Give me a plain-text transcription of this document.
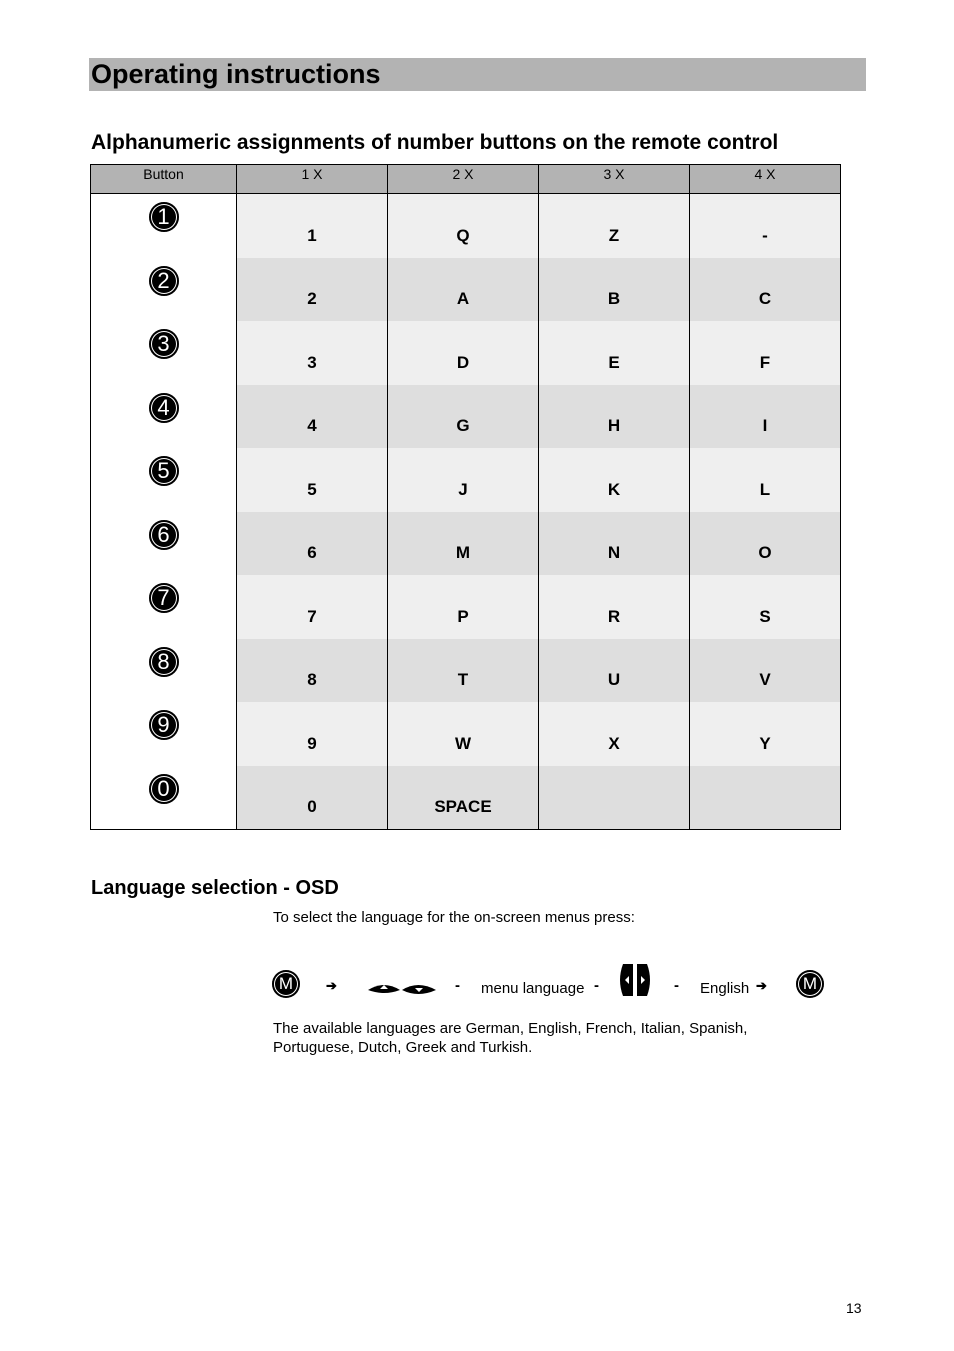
Operating instructions
Alphanumeric assignments of number buttons on the remote control
Button	1 X	2 X	3 X	4 X
1	1	Q	Z	-

2	2	A	B	C

3	3	D	E	F

4	4	G	H	I

5	5	J	K	L

6	6	M	N	O

7	7	P	R	S

8	8	T	U	V

9	9	W	X	Y

0	0	SPACE		

Language selection - OSD

To select the language for the on-screen menus press:

M	➔	- menu language -	- English ➔	M

The available languages are German, English, French, Italian, Spanish, Portuguese, Dutch, Greek and Turkish.

13
